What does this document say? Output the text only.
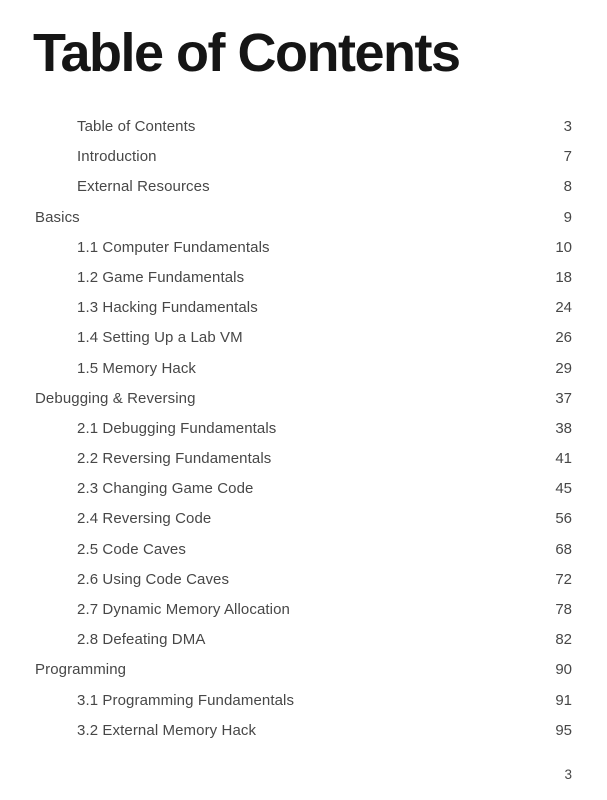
Table of Contents
Table of Contents	3
Introduction	7
External Resources	8
Basics	9
1.1 Computer Fundamentals	10
1.2 Game Fundamentals	18
1.3 Hacking Fundamentals	24
1.4 Setting Up a Lab VM	26
1.5 Memory Hack	29
Debugging & Reversing	37
2.1 Debugging Fundamentals	38
2.2 Reversing Fundamentals	41
2.3 Changing Game Code	45
2.4 Reversing Code	56
2.5 Code Caves	68
2.6 Using Code Caves	72
2.7 Dynamic Memory Allocation	78
2.8 Defeating DMA	82
Programming	90
3.1 Programming Fundamentals	91
3.2 External Memory Hack	95
3
